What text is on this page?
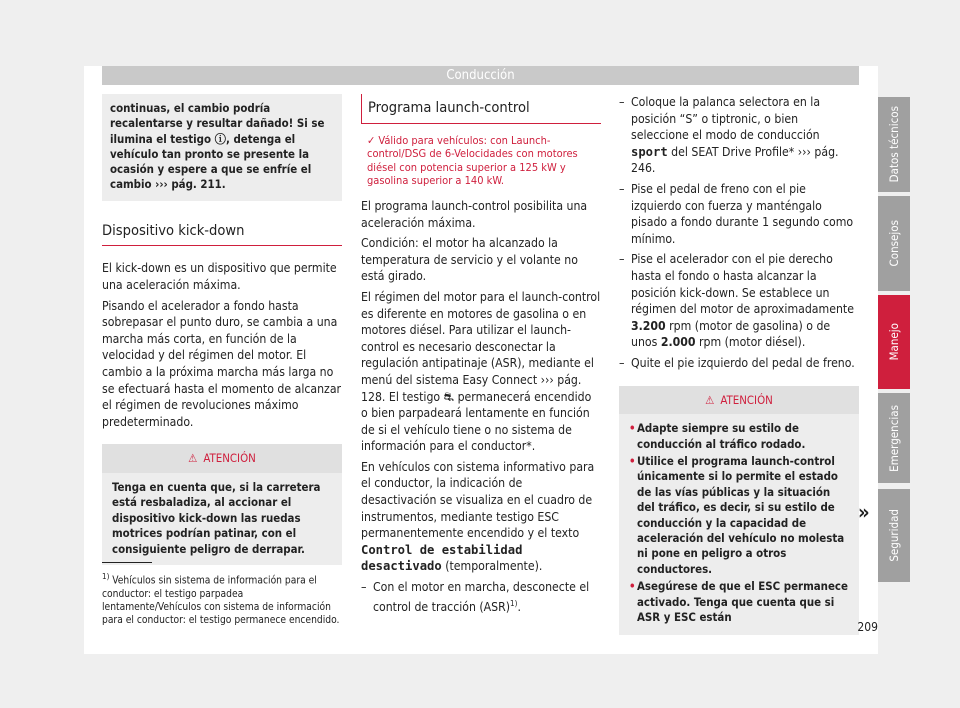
Conducción
continuas, el cambio podría recalentarse y resultar dañado! Si se ilumina el testigo ⓘ, detenga el vehículo tan pronto se presente la ocasión y espere a que se enfríe el cambio ››› pág. 211.
Dispositivo kick-down

El kick-down es un dispositivo que permite una aceleración máxima.

Pisando el acelerador a fondo hasta sobrepasar el punto duro, se cambia a una marcha más corta, en función de la velocidad y del régimen del motor. El cambio a la próxima marcha más larga no se efectuará hasta el momento de alcanzar el régimen de revoluciones máximo predeterminado.

⚠ ATENCIÓN
Tenga en cuenta que, si la carretera está resbaladiza, al accionar el dispositivo kick-down las ruedas motrices podrían patinar, con el consiguiente peligro de derrapar.
Programa launch-control
✓ Válido para vehículos: con Launch-control/DSG de 6-Velocidades con motores diésel con potencia superior a 125 kW y gasolina superior a 140 kW.

El programa launch-control posibilita una aceleración máxima.

Condición: el motor ha alcanzado la temperatura de servicio y el volante no está girado.

El régimen del motor para el launch-control es diferente en motores de gasolina o en motores diésel. Para utilizar el launch-control es necesario desconectar la regulación antipatinaje (ASR), mediante el menú del sistema Easy Connect ››› pág. 128. El testigo ⛐ permanecerá encendido o bien parpadeará lentamente en función de si el vehículo tiene o no sistema de información para el conductor*.

En vehículos con sistema informativo para el conductor, la indicación de desactivación se visualiza en el cuadro de instrumentos, mediante testigo ESC permanentemente encendido y el texto Control de estabilidad desactivado (temporalmente).

– Con el motor en marcha, desconecte el control de tracción (ASR)$^{1)}$.
– Coloque la palanca selectora en la posición “S” o tiptronic, o bien seleccione el modo de conducción sport del SEAT Drive Profile* ››› pág. 246.
– Pise el pedal de freno con el pie izquierdo con fuerza y manténgalo pisado a fondo durante 1 segundo como mínimo.
– Pise el acelerador con el pie derecho hasta el fondo o hasta alcanzar la posición kick-down. Se establece un régimen del motor de aproximadamente 3.200 rpm (motor de gasolina) o de unos 2.000 rpm (motor diésel).
– Quite el pie izquierdo del pedal de freno.
⚠ ATENCIÓN
• Adapte siempre su estilo de conducción al tráfico rodado.
• Utilice el programa launch-control únicamente si lo permite el estado de las vías públicas y la situación del tráfico, es decir, si su estilo de conducción y la capacidad de aceleración del vehículo no molesta ni pone en peligro a otros conductores.
• Asegúrese de que el ESC permanece activado. Tenga que cuenta que si ASR y ESC están
»
$^{1)}$ Vehículos sin sistema de información para el conductor: el testigo parpadea lentamente/Vehículos con sistema de información para el conductor: el testigo permanece encendido.
Datos técnicos
Consejos
Manejo
Emergencias
Seguridad
209
